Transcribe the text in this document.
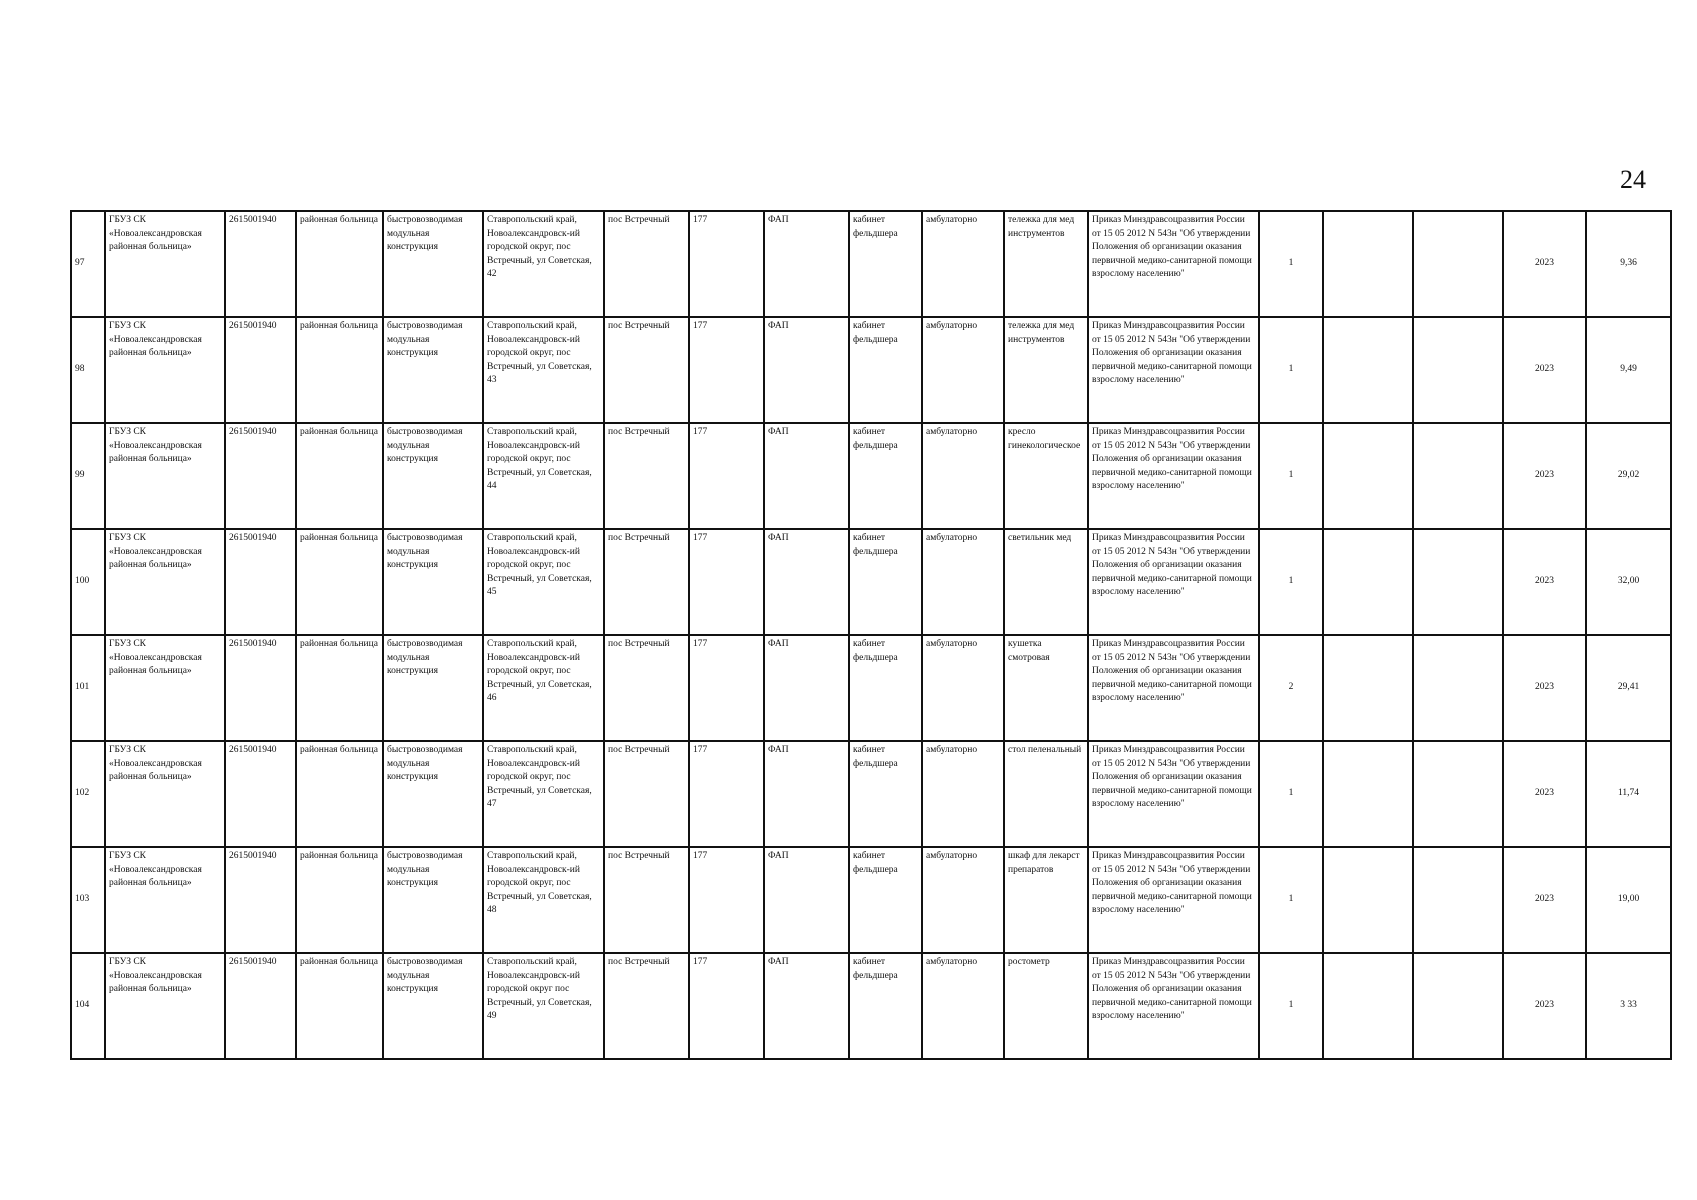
24
97	ГБУЗ СК «Новоалександровская районная больница»	2615001940	районная больница	быстровозводимая модульная конструкция	Ставропольский край, Новоалександровск-ий городской округ, пос Встречный, ул Советская, 42	пос Встречный	177	ФАП	кабинет фельдшера	амбулаторно	тележка для мед инструментов	Приказ Минздравсоцразвития России от 15 05 2012 N 543н "Об утверждении Положения об организации оказания первичной медико-санитарной помощи взрослому населению"	1			2023	9,36

98	ГБУЗ СК «Новоалександровская районная больница»	2615001940	районная больница	быстровозводимая модульная конструкция	Ставропольский край, Новоалександровск-ий городской округ, пос Встречный, ул Советская, 43	пос Встречный	177	ФАП	кабинет фельдшера	амбулаторно	тележка для мед инструментов	Приказ Минздравсоцразвития России от 15 05 2012 N 543н "Об утверждении Положения об организации оказания первичной медико-санитарной помощи взрослому населению"	1			2023	9,49

99	ГБУЗ СК «Новоалександровская районная больница»	2615001940	районная больница	быстровозводимая модульная конструкция	Ставропольский край, Новоалександровск-ий городской округ, пос Встречный, ул Советская, 44	пос Встречный	177	ФАП	кабинет фельдшера	амбулаторно	кресло гинекологическое	Приказ Минздравсоцразвития России от 15 05 2012 N 543н "Об утверждении Положения об организации оказания первичной медико-санитарной помощи взрослому населению"	1			2023	29,02

100	ГБУЗ СК «Новоалександровская районная больница»	2615001940	районная больница	быстровозводимая модульная конструкция	Ставропольский край, Новоалександровск-ий городской округ, пос Встречный, ул Советская, 45	пос Встречный	177	ФАП	кабинет фельдшера	амбулаторно	светильник мед	Приказ Минздравсоцразвития России от 15 05 2012 N 543н "Об утверждении Положения об организации оказания первичной медико-санитарной помощи взрослому населению"	1			2023	32,00

101	ГБУЗ СК «Новоалександровская районная больница»	2615001940	районная больница	быстровозводимая модульная конструкция	Ставропольский край, Новоалександровск-ий городской округ, пос Встречный, ул Советская, 46	пос Встречный	177	ФАП	кабинет фельдшера	амбулаторно	кушетка смотровая	Приказ Минздравсоцразвития России от 15 05 2012 N 543н "Об утверждении Положения об организации оказания первичной медико-санитарной помощи взрослому населению"	2			2023	29,41

102	ГБУЗ СК «Новоалександровская районная больница»	2615001940	районная больница	быстровозводимая модульная конструкция	Ставропольский край, Новоалександровск-ий городской округ, пос Встречный, ул Советская, 47	пос Встречный	177	ФАП	кабинет фельдшера	амбулаторно	стол пеленальный	Приказ Минздравсоцразвития России от 15 05 2012 N 543н "Об утверждении Положения об организации оказания первичной медико-санитарной помощи взрослому населению"	1			2023	11,74

103	ГБУЗ СК «Новоалександровская районная больница»	2615001940	районная больница	быстровозводимая модульная конструкция	Ставропольский край, Новоалександровск-ий городской округ, пос Встречный, ул Советская, 48	пос Встречный	177	ФАП	кабинет фельдшера	амбулаторно	шкаф для лекарст препаратов	Приказ Минздравсоцразвития России от 15 05 2012 N 543н "Об утверждении Положения об организации оказания первичной медико-санитарной помощи взрослому населению"	1			2023	19,00

104	ГБУЗ СК «Новоалександровская районная больница»	2615001940	районная больница	быстровозводимая модульная конструкция	Ставропольский край, Новоалександровск-ий городской округ пос Встречный, ул Советская, 49	пос Встречный	177	ФАП	кабинет фельдшера	амбулаторно	ростометр	Приказ Минздравсоцразвития России от 15 05 2012 N 543н "Об утверждении Положения об организации оказания первичной медико-санитарной помощи взрослому населению"	1			2023	3 33
